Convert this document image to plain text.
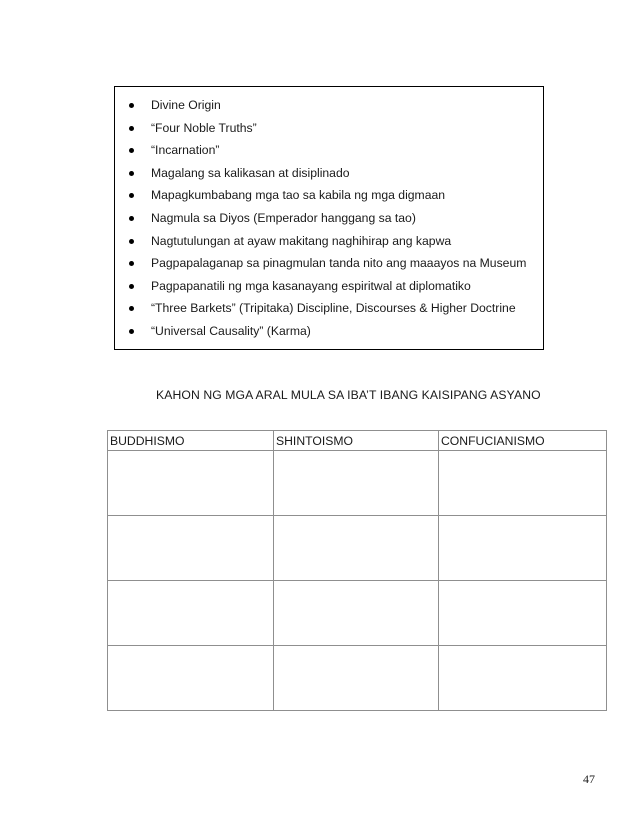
Divine Origin
“Four Noble Truths”
“Incarnation”
Magalang sa kalikasan at disiplinado
Mapagkumbabang mga tao sa kabila ng mga digmaan
Nagmula sa Diyos (Emperador hanggang sa tao)
Nagtutulungan at ayaw makitang naghihirap ang kapwa
Pagpapalaganap sa pinagmulan tanda nito ang maaayos na Museum
Pagpapanatili ng mga kasanayang espiritwal at diplomatiko
“Three Barkets” (Tripitaka) Discipline, Discourses & Higher Doctrine
“Universal Causality” (Karma)
KAHON NG MGA ARAL MULA SA IBA’T IBANG KAISIPANG ASYANO
BUDDHISMO	SHINTOISMO	CONFUCIANISMO

47
